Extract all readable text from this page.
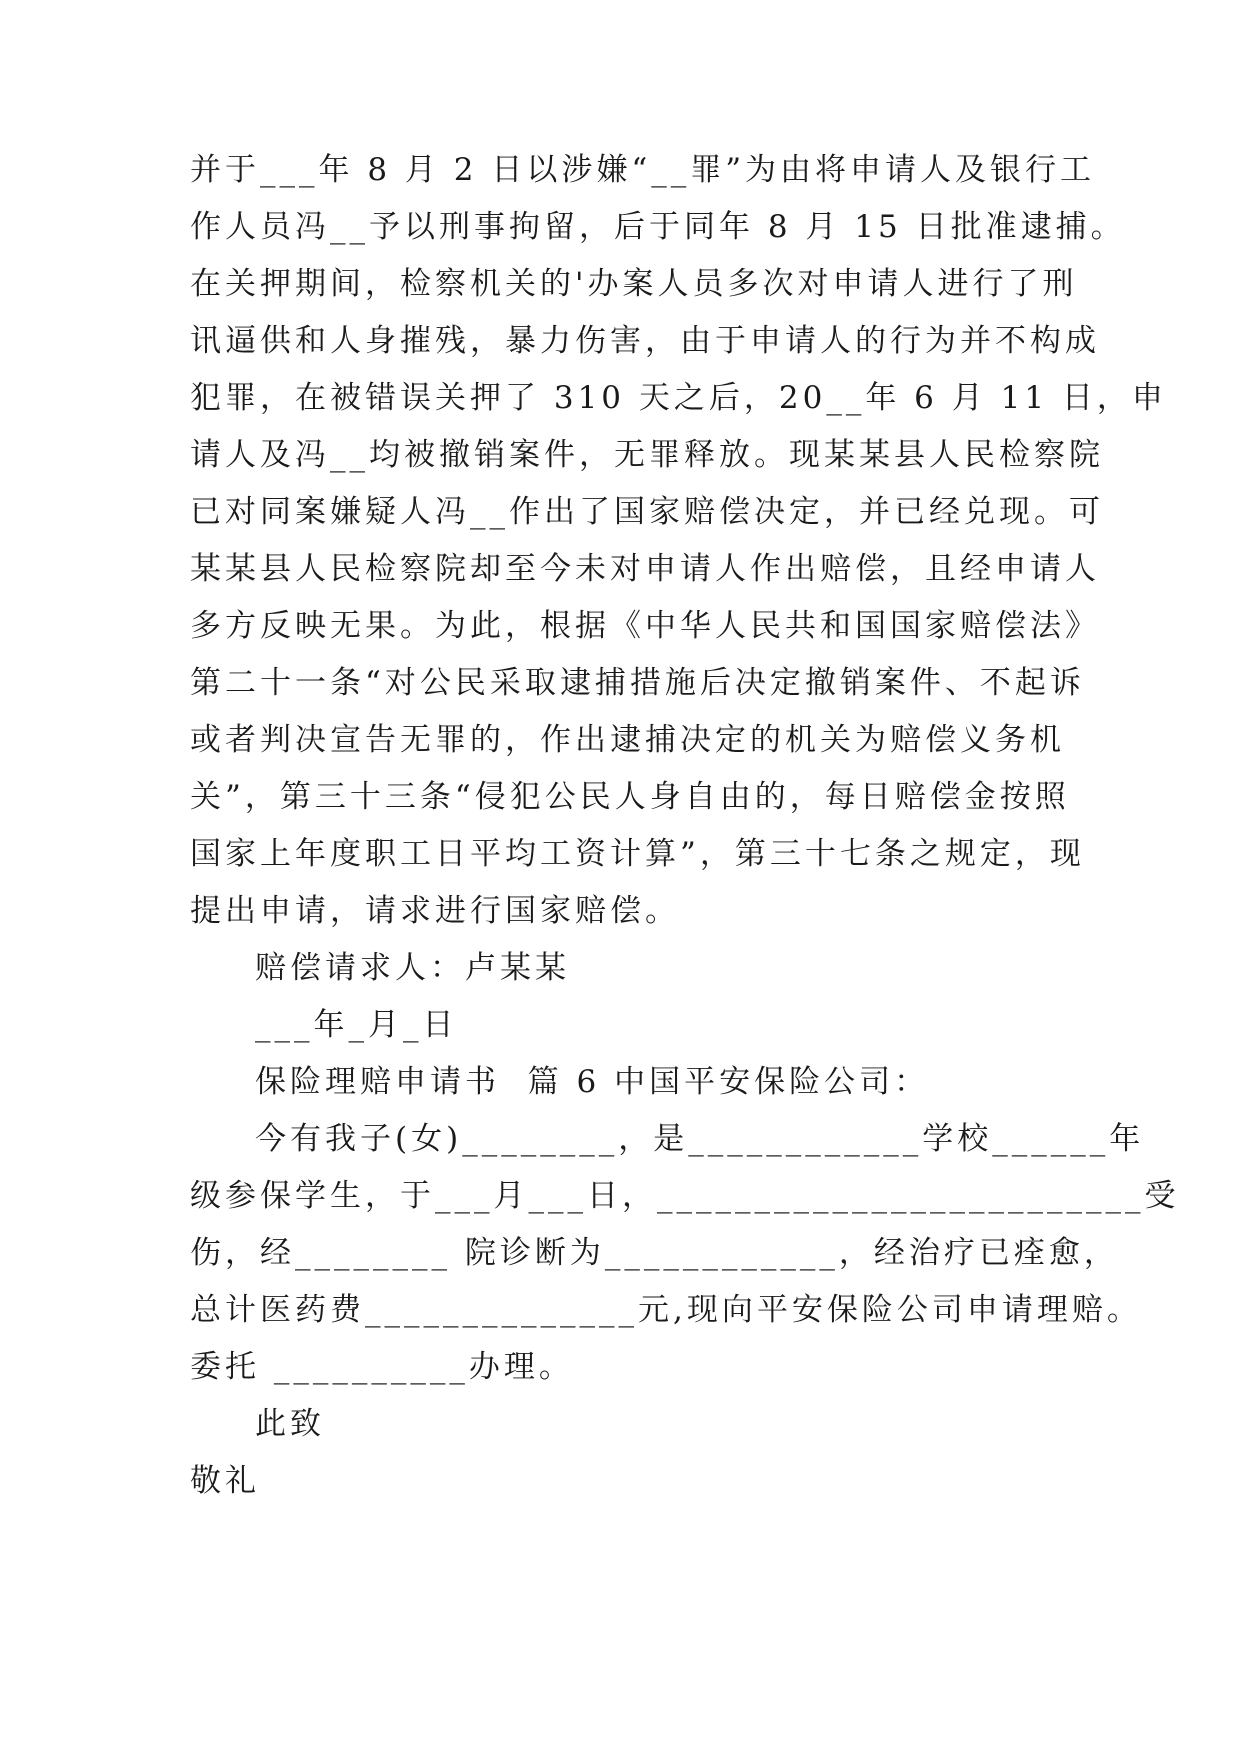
并于___年 8 月 2 日以涉嫌“__罪”为由将申请人及银行工
作人员冯__予以刑事拘留，后于同年 8 月 15 日批准逮捕。
在关押期间，检察机关的'办案人员多次对申请人进行了刑
讯逼供和人身摧残，暴力伤害，由于申请人的行为并不构成
犯罪，在被错误关押了 310 天之后，20__年 6 月 11 日，申
请人及冯__均被撤销案件，无罪释放。现某某县人民检察院
已对同案嫌疑人冯__作出了国家赔偿决定，并已经兑现。可
某某县人民检察院却至今未对申请人作出赔偿，且经申请人
多方反映无果。为此，根据《中华人民共和国国家赔偿法》
第二十一条“对公民采取逮捕措施后决定撤销案件、不起诉
或者判决宣告无罪的，作出逮捕决定的机关为赔偿义务机
关”，第三十三条“侵犯公民人身自由的，每日赔偿金按照
国家上年度职工日平均工资计算”，第三十七条之规定，现
提出申请，请求进行国家赔偿。
赔偿请求人：卢某某
___年_月_日
保险理赔申请书  篇 6 中国平安保险公司：
今有我子(女)________，是____________学校______年
级参保学生，于___月___日，_________________________受
伤，经________ 院诊断为____________，经治疗已痊愈，
总计医药费______________元,现向平安保险公司申请理赔。
委托 __________办理。
此致
敬礼
